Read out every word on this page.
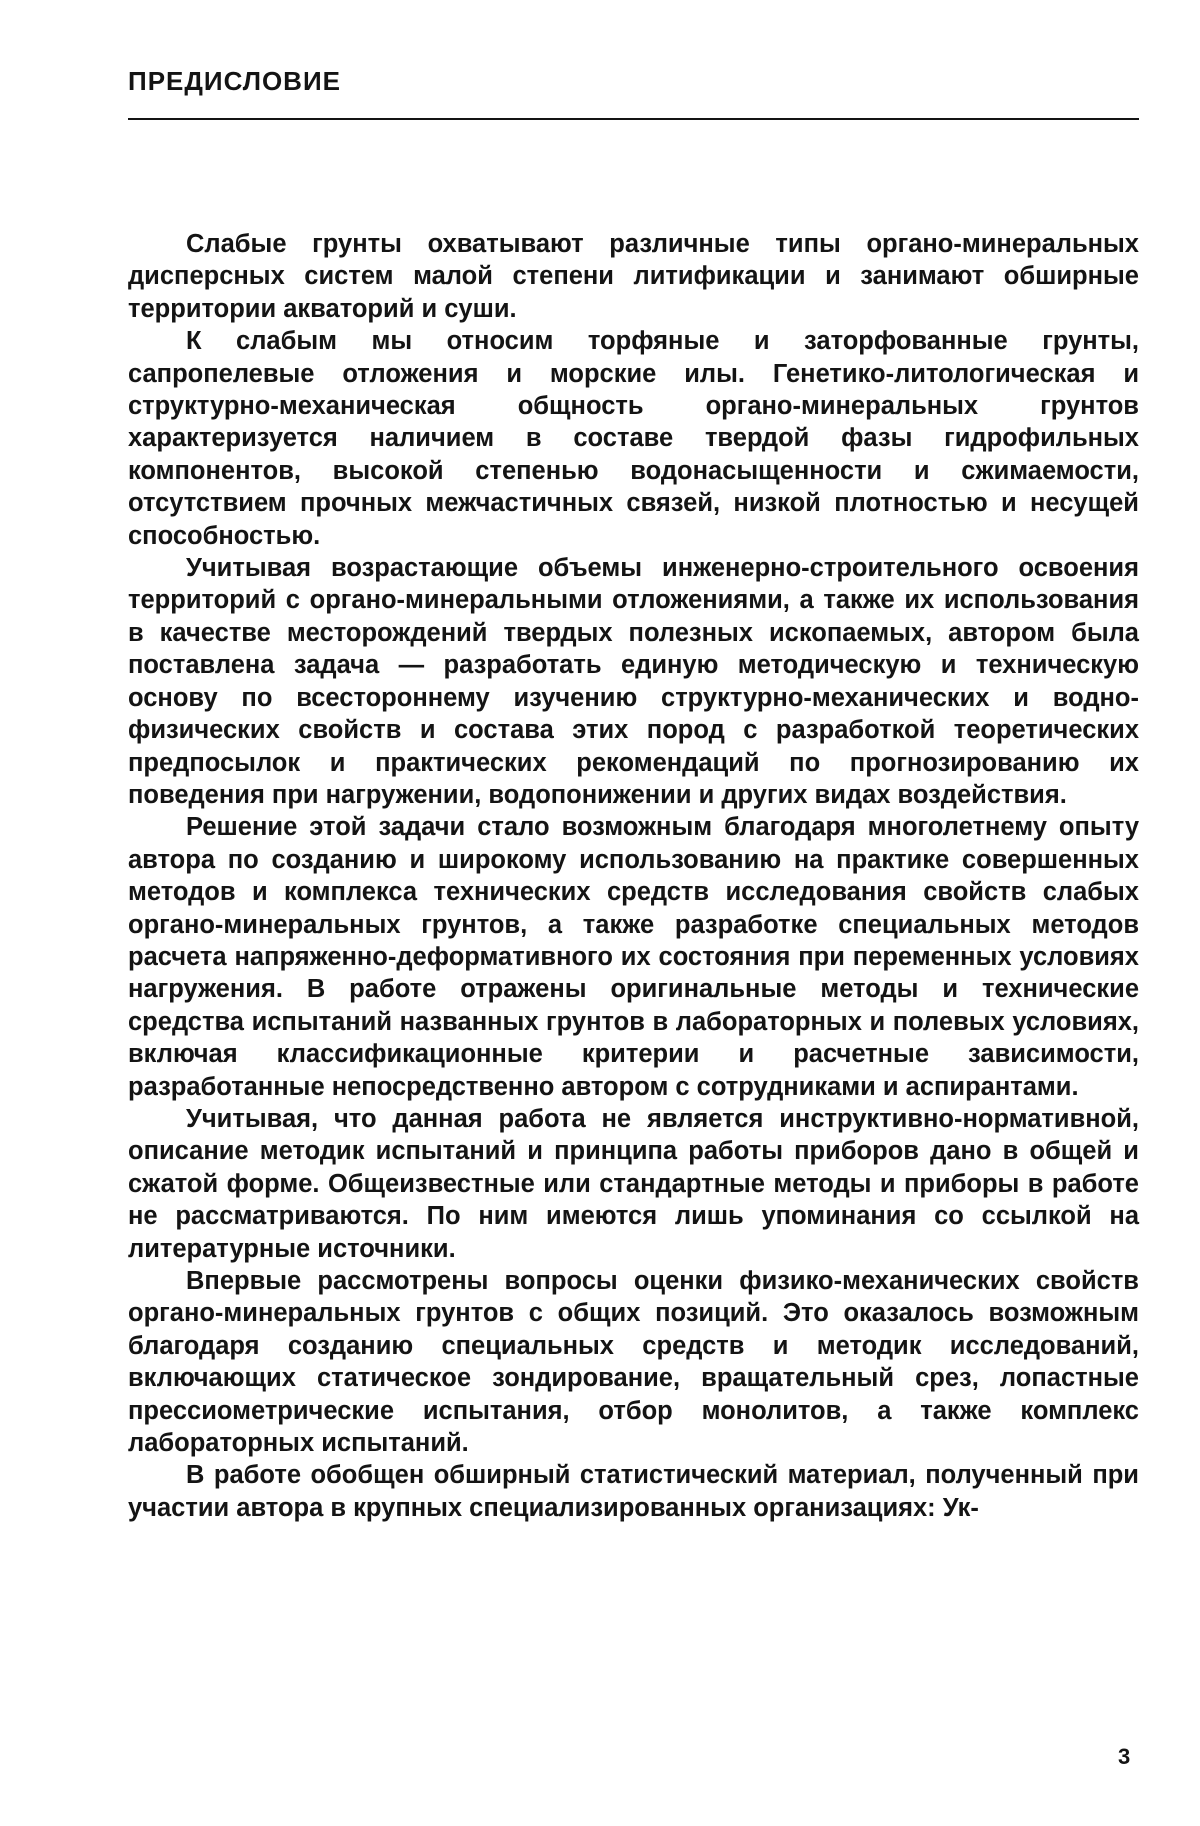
ПРЕДИСЛОВИЕ

Слабые грунты охватывают различные типы органо-минеральных дисперсных систем малой степени литификации и занимают обширные территории акваторий и суши.

К слабым мы относим торфяные и заторфованные грунты, сапропелевые отложения и морские илы. Генетико-литологическая и структурно-механическая общность органо-минеральных грунтов характеризуется наличием в составе твердой фазы гидрофильных компонентов, высокой степенью водонасыщенности и сжимаемости, отсутствием прочных межчастичных связей, низкой плотностью и несущей способностью.

Учитывая возрастающие объемы инженерно-строительного освоения территорий с органо-минеральными отложениями, а также их использования в качестве месторождений твердых полезных ископаемых, автором была поставлена задача — разработать единую методическую и техническую основу по всестороннему изучению структурно-механических и водно-физических свойств и состава этих пород с разработкой теоретических предпосылок и практических рекомендаций по прогнозированию их поведения при нагружении, водопонижении и других видах воздействия.

Решение этой задачи стало возможным благодаря многолетнему опыту автора по созданию и широкому использованию на практике совершенных методов и комплекса технических средств исследования свойств слабых органо-минеральных грунтов, а также разработке специальных методов расчета напряженно-деформативного их состояния при переменных условиях нагружения. В работе отражены оригинальные методы и технические средства испытаний названных грунтов в лабораторных и полевых условиях, включая классификационные критерии и расчетные зависимости, разработанные непосредственно автором с сотрудниками и аспирантами.

Учитывая, что данная работа не является инструктивно-нормативной, описание методик испытаний и принципа работы приборов дано в общей и сжатой форме. Общеизвестные или стандартные методы и приборы в работе не рассматриваются. По ним имеются лишь упоминания со ссылкой на литературные источники.

Впервые рассмотрены вопросы оценки физико-механических свойств органо-минеральных грунтов с общих позиций. Это оказалось возможным благодаря созданию специальных средств и методик исследований, включающих статическое зондирование, вращательный срез, лопастные прессиометрические испытания, отбор монолитов, а также комплекс лабораторных испытаний.

В работе обобщен обширный статистический материал, полученный при участии автора в крупных специализированных организациях: Ук-

3
